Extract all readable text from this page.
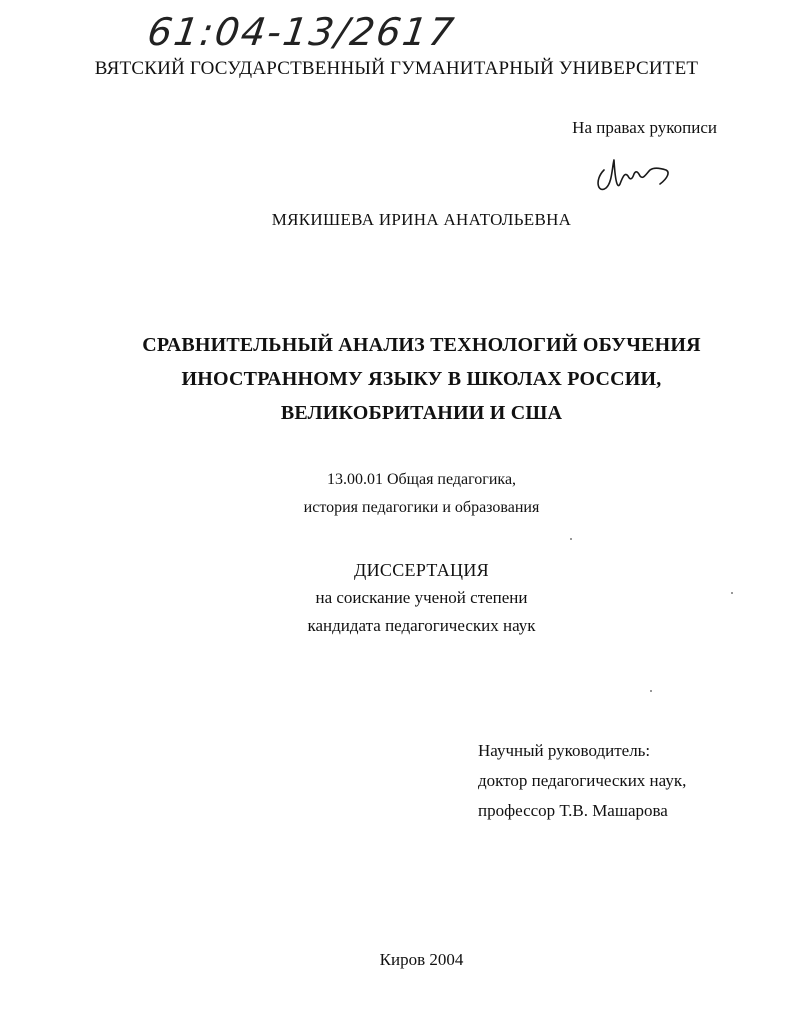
61:04-13/2617
ВЯТСКИЙ ГОСУДАРСТВЕННЫЙ ГУМАНИТАРНЫЙ УНИВЕРСИТЕТ
На правах рукописи
МЯКИШЕВА ИРИНА АНАТОЛЬЕВНА
СРАВНИТЕЛЬНЫЙ АНАЛИЗ ТЕХНОЛОГИЙ ОБУЧЕНИЯ
ИНОСТРАННОМУ ЯЗЫКУ В ШКОЛАХ РОССИИ,
ВЕЛИКОБРИТАНИИ И США
13.00.01 Общая педагогика,
история педагогики и образования
ДИССЕРТАЦИЯ
на соискание ученой степени
кандидата педагогических наук
Научный руководитель:
доктор педагогических наук,
профессор Т.В. Машарова
Киров 2004
